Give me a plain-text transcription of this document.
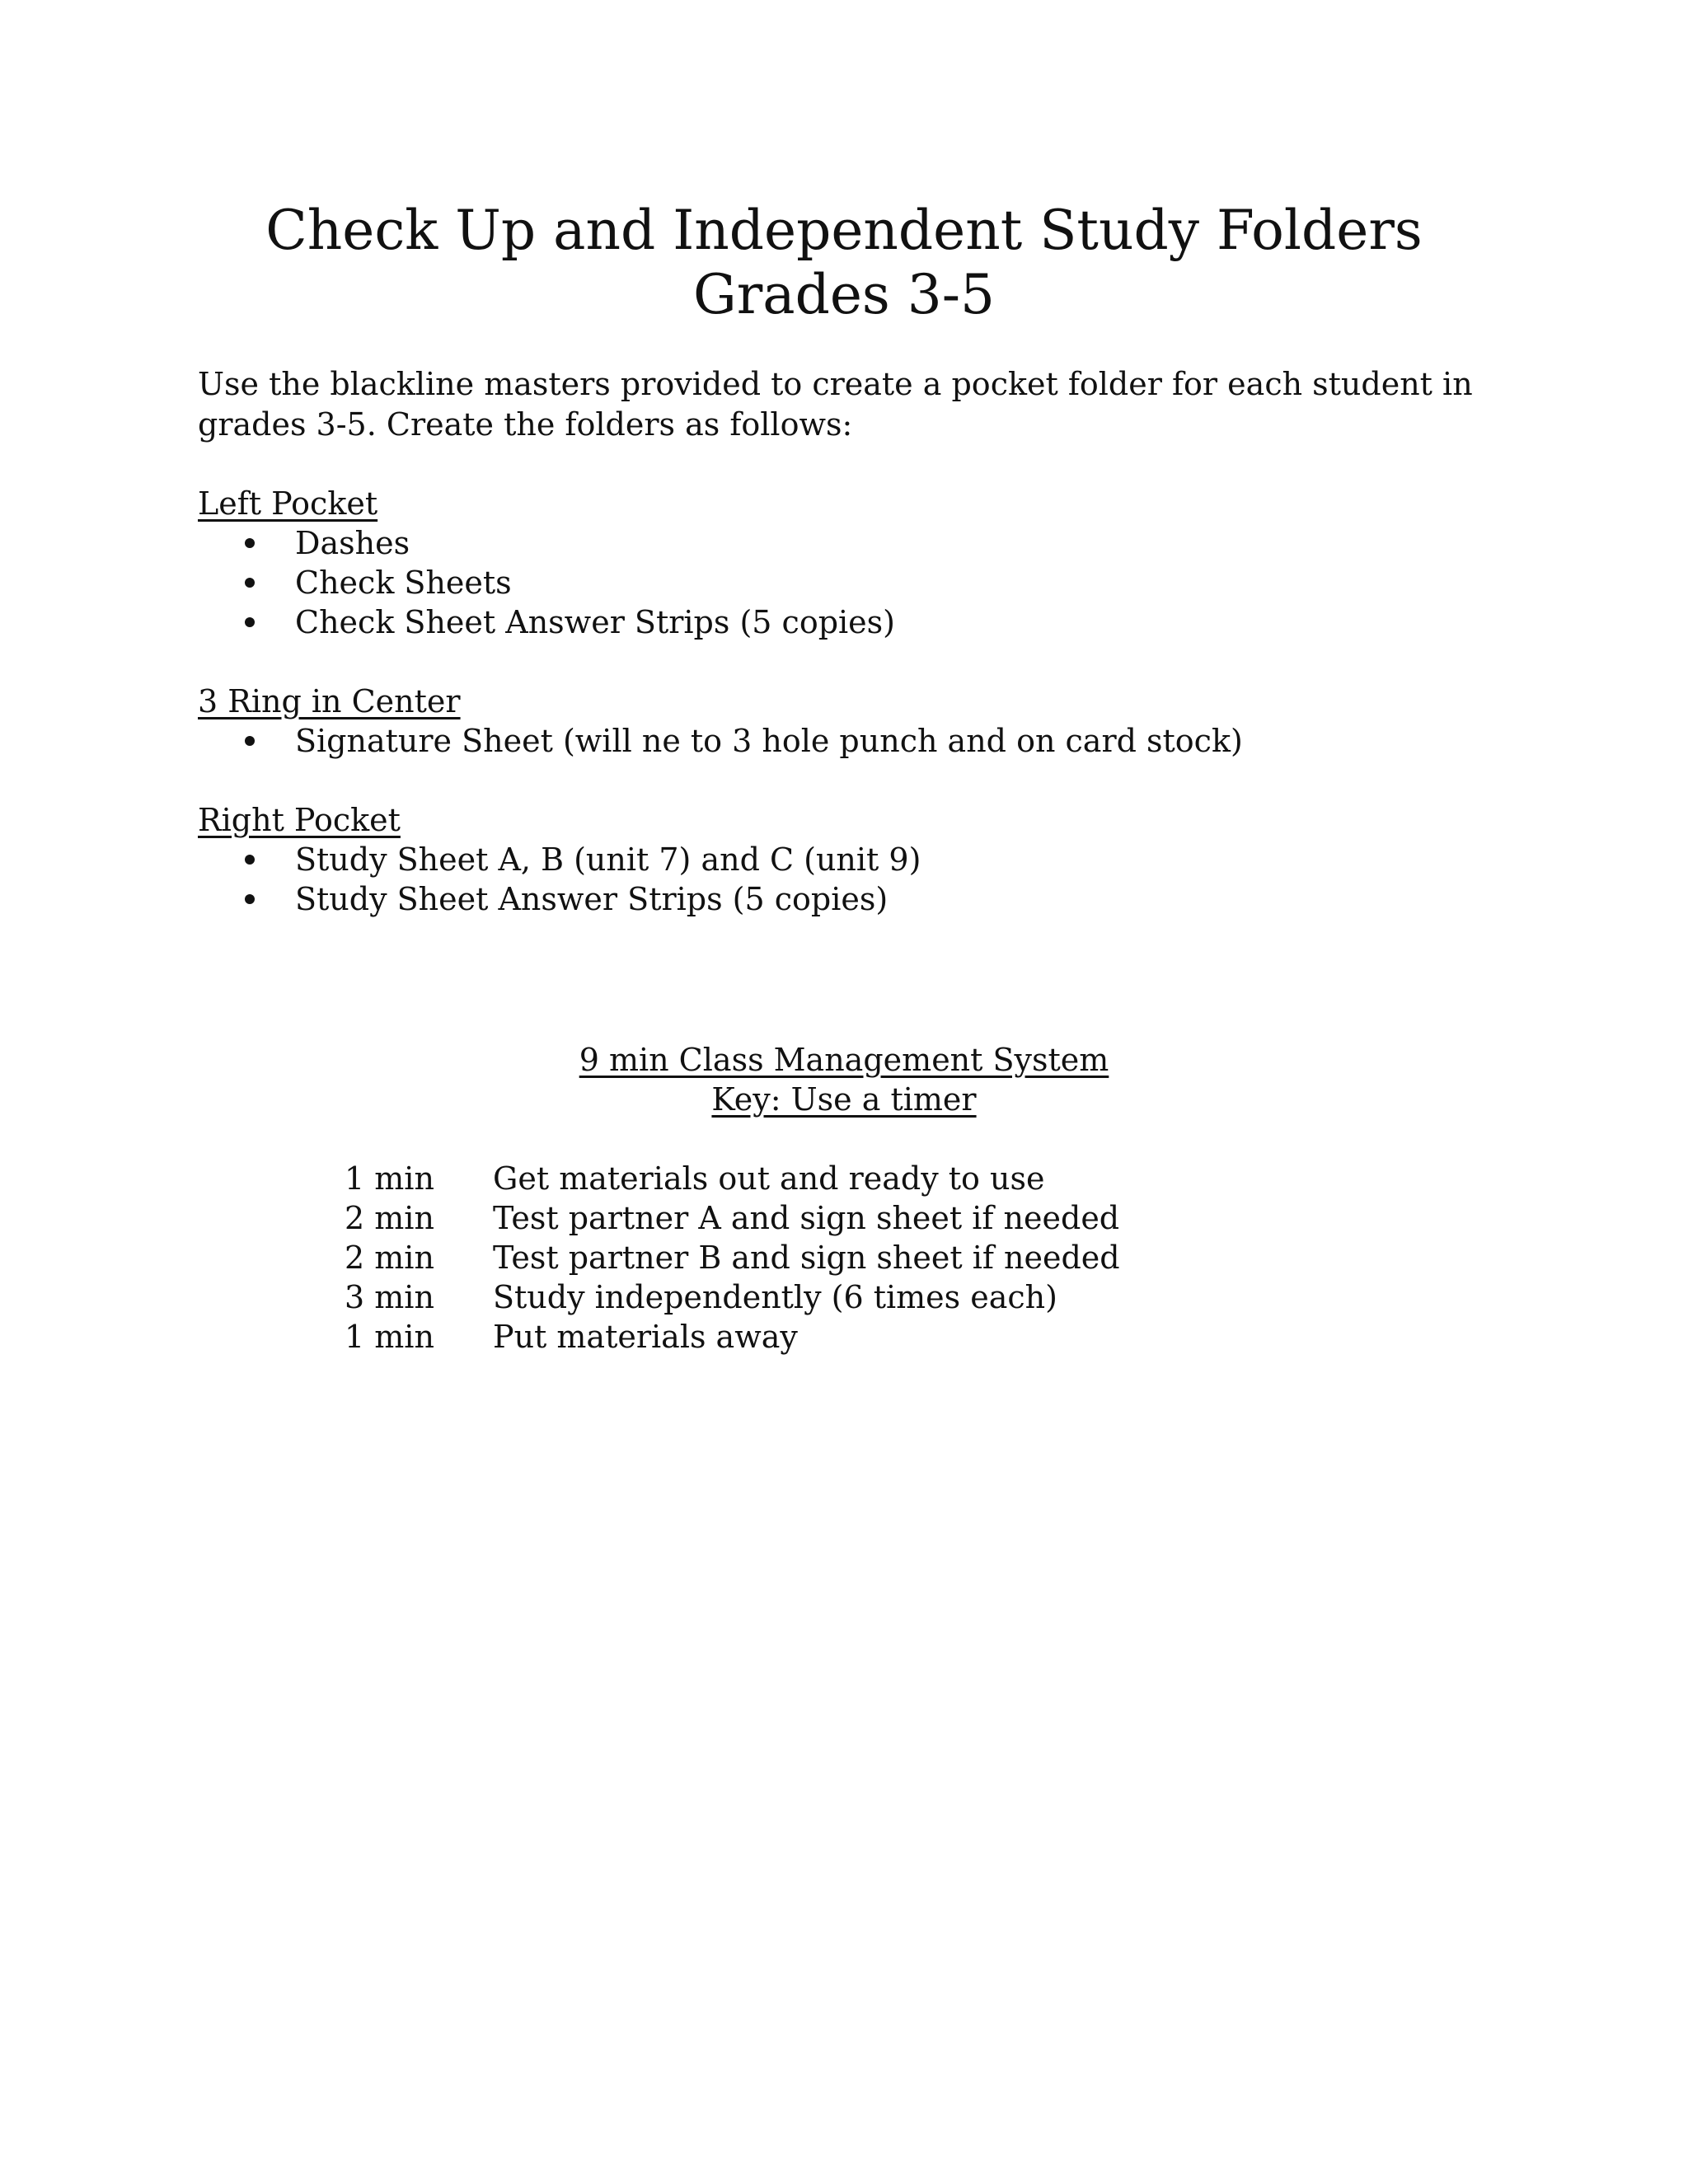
Check Up and Independent Study Folders
Grades 3-5

Use the blackline masters provided to create a pocket folder for each student in grades 3-5. Create the folders as follows:

Left Pocket

Dashes
Check Sheets
Check Sheet Answer Strips (5 copies)

3 Ring in Center

Signature Sheet (will ne to 3 hole punch and on card stock)

Right Pocket

Study Sheet A, B (unit 7) and C (unit 9)
Study Sheet Answer Strips (5 copies)

9 min Class Management System

Key: Use a timer

1 min	Get materials out and ready to use
2 min	Test partner A and sign sheet if needed
2 min	Test partner B and sign sheet if needed
3 min	Study independently (6 times each)
1 min	Put materials away
